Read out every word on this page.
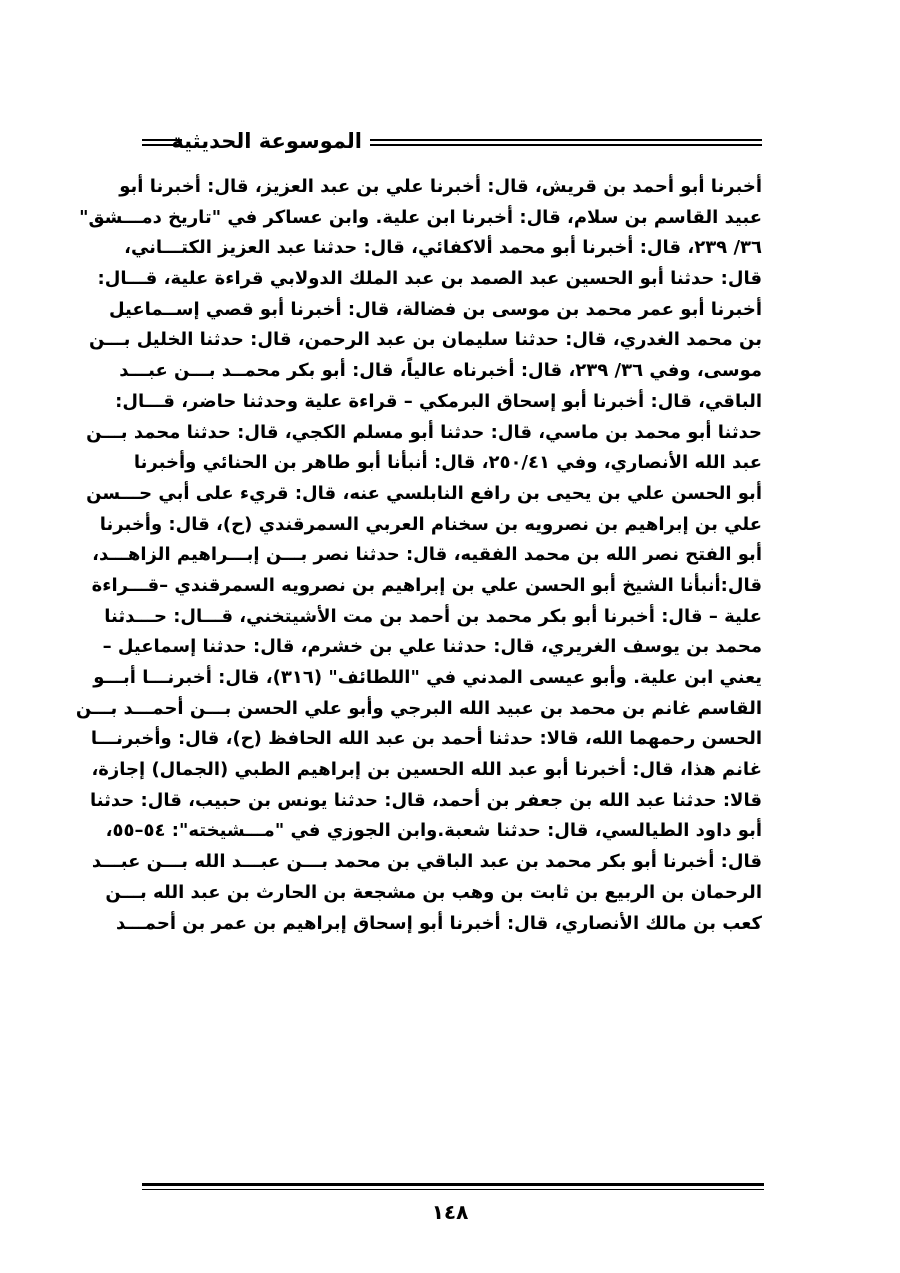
الموسوعة الحديثية
أخبرنا أبو أحمد بن قريش، قال: أخبرنا علي بن عبد العزيز، قال: أخبرنا أبو
عبيد القاسم بن سلام، قال: أخبرنا ابن علية. وابن عساكر في "تاريخ دمـــشق"
٣٦/ ٢٣٩، قال: أخبرنا أبو محمد ألاكفائي، قال: حدثنا عبد العزيز الكتـــاني،
قال: حدثنا أبو الحسين عبد الصمد بن عبد الملك الدولابي قراءة علية، قـــال:
أخبرنا أبو عمر محمد بن موسى بن فضالة، قال: أخبرنا أبو قصي إســماعيل
بن محمد الغدري، قال: حدثنا سليمان بن عبد الرحمن، قال: حدثنا الخليل بـــن
موسى، وفي ٣٦/ ٢٣٩، قال: أخبرناه عالياً، قال: أبو بكر محمــد بـــن عبـــد
الباقي، قال: أخبرنا أبو إسحاق البرمكي – قراءة علية وحدثنا حاضر، قـــال:
حدثنا أبو محمد بن ماسي، قال: حدثنا أبو مسلم الكجي، قال: حدثنا محمد بـــن
عبد الله الأنصاري، وفي ٢٥٠/٤١، قال: أنبأنا أبو طاهر بن الحنائي وأخبرنا
أبو الحسن علي بن يحيى بن رافع النابلسي عنه، قال: قريء على أبي حـــسن
علي بن إبراهيم بن نصرويه بن سخنام العربي السمرقندي (ح)، قال: وأخبرنا
أبو الفتح نصر الله بن محمد الفقيه، قال: حدثنا نصر بـــن إبـــراهيم الزاهـــد،
قال:أنبأنا الشيخ أبو الحسن علي بن إبراهيم بن نصرويه السمرقندي –قـــراءة
علية – قال: أخبرنا أبو بكر محمد بن أحمد بن مت الأشيتخني، قـــال: حـــدثنا
محمد بن يوسف الغريري، قال: حدثنا علي بن خشرم، قال: حدثنا إسماعيل –
يعني ابن علية. وأبو عيسى المدني في "اللطائف" (٣١٦)، قال: أخبرنـــا أبـــو
القاسم غانم بن محمد بن عبيد الله البرجي وأبو علي الحسن بـــن أحمـــد بـــن
الحسن رحمهما الله، قالا: حدثنا أحمد بن عبد الله الحافظ (ح)، قال: وأخبرنـــا
غانم هذا، قال: أخبرنا أبو عبد الله الحسين بن إبراهيم الطبي (الجمال) إجازة،
قالا: حدثنا عبد الله بن جعفر بن أحمد، قال: حدثنا يونس بن حبيب، قال: حدثنا
أبو داود الطيالسي، قال: حدثنا شعبة.وابن الجوزي في "مـــشيخته": ٥٤–٥٥،
قال: أخبرنا أبو بكر محمد بن عبد الباقي بن محمد بـــن عبـــد الله بـــن عبـــد
الرحمان بن الربيع بن ثابت بن وهب بن مشجعة بن الحارث بن عبد الله بـــن
كعب بن مالك الأنصاري، قال: أخبرنا أبو إسحاق إبراهيم بن عمر بن أحمـــد
١٤٨
